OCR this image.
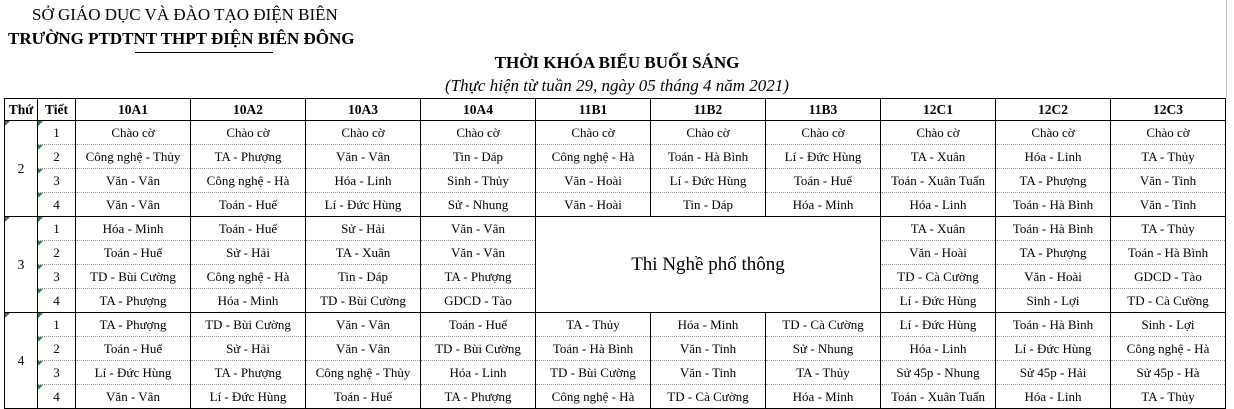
SỞ GIÁO DỤC VÀ ĐÀO TẠO ĐIỆN BIÊN
TRƯỜNG PTDTNT THPT ĐIỆN BIÊN ĐÔNG
THỜI KHÓA BIỂU BUỔI SÁNG
(Thực hiện từ tuần 29, ngày 05 tháng 4 năm 2021)
Thứ	Tiết	10A1	10A2	10A3	10A4	11B1	11B2	11B3	12C1	12C2	12C3

2	1	Chào cờ	Chào cờ	Chào cờ	Chào cờ	Chào cờ	Chào cờ	Chào cờ	Chào cờ	Chào cờ	Chào cờ

2	Công nghệ - Thủy	TA - Phượng	Văn - Vân	Tin - Dáp	Công nghệ - Hà	Toán - Hà Bình	Lí - Đức Hùng	TA - Xuân	Hóa - Linh	TA - Thủy

3	Văn - Vân	Công nghệ - Hà	Hóa - Linh	Sinh - Thủy	Văn - Hoài	Lí - Đức Hùng	Toán - Huế	Toán - Xuân Tuấn	TA - Phượng	Văn - Tinh

4	Văn - Vân	Toán - Huế	Lí - Đức Hùng	Sử - Nhung	Văn - Hoài	Tin - Dáp	Hóa - Minh	Hóa - Linh	Toán - Hà Bình	Văn - Tinh

3	1	Hóa - Minh	Toán - Huế	Sử - Hải	Văn - Vân	Thi Nghề phổ thông			TA - Xuân	Toán - Hà Bình	TA - Thủy

2	Toán - Huế	Sử - Hải	TA - Xuân	Văn - Vân				Văn - Hoài	TA - Phượng	Toán - Hà Bình

3	TD - Bùi Cường	Công nghệ - Hà	Tin - Dáp	TA - Phượng				TD - Cà Cường	Văn - Hoài	GDCD - Tào

4	TA - Phượng	Hóa - Minh	TD - Bùi Cường	GDCD - Tào				Lí - Đức Hùng	Sinh - Lợi	TD - Cà Cường

4	1	TA - Phượng	TD - Bùi Cường	Văn - Vân	Toán - Huế	TA - Thủy	Hóa - Minh	TD - Cà Cường	Lí - Đức Hùng	Toán - Hà Bình	Sinh - Lợi

2	Toán - Huế	Sử - Hải	Văn - Vân	TD - Bùi Cường	Toán - Hà Bình	Văn - Tinh	Sử - Nhung	Hóa - Linh	Lí - Đức Hùng	Công nghệ - Hà

3	Lí - Đức Hùng	TA - Phượng	Công nghệ - Thủy	Hóa - Linh	TD - Bùi Cường	Văn - Tinh	TA - Thủy	Sử 45p - Nhung	Sử 45p - Hải	Sử 45p - Hà

4	Văn - Vân	Lí - Đức Hùng	Toán - Huế	TA - Phượng	Công nghệ - Hà	TD - Cà Cường	Hóa - Minh	Toán - Xuân Tuấn	Hóa - Linh	TA - Thủy
